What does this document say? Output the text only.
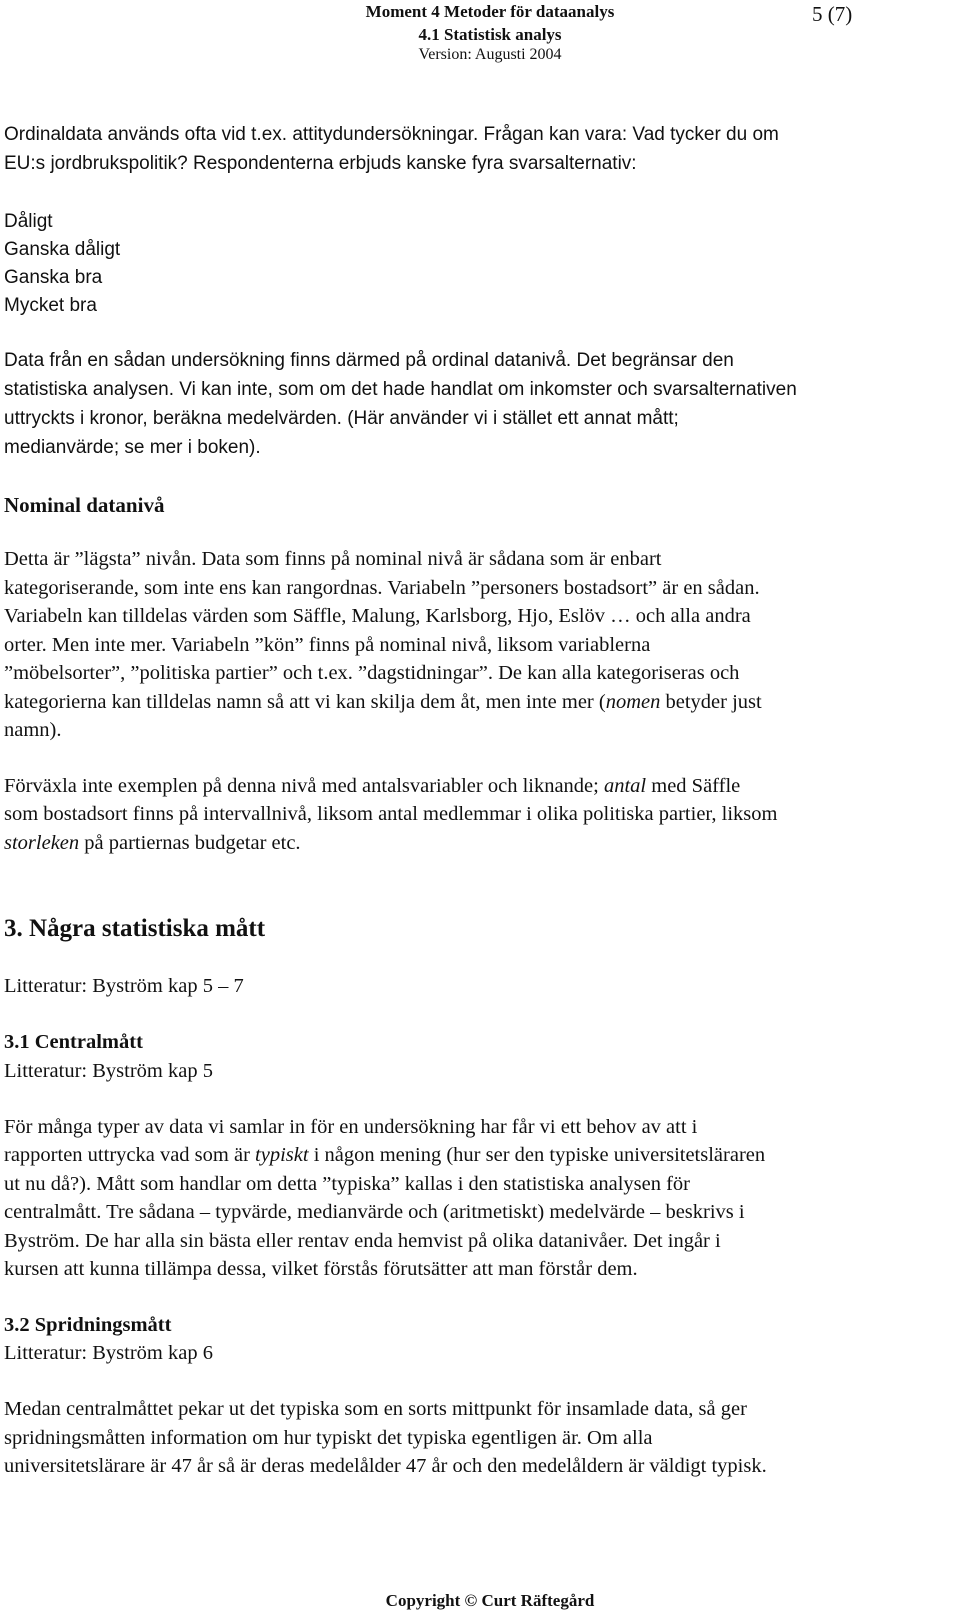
Moment 4 Metoder för dataanalys
4.1 Statistisk analys
Version: Augusti 2004
5 (7)
Ordinaldata används ofta vid t.ex. attitydundersökningar. Frågan kan vara: Vad tycker du om
EU:s jordbrukspolitik? Respondenterna erbjuds kanske fyra svarsalternativ:
Dåligt
Ganska dåligt
Ganska bra
Mycket bra
Data från en sådan undersökning finns därmed på ordinal datanivå. Det begränsar den
statistiska analysen. Vi kan inte, som om det hade handlat om inkomster och svarsalternativen
uttryckts i kronor, beräkna medelvärden. (Här använder vi i stället ett annat mått;
medianvärde; se mer i boken).
Nominal datanivå
Detta är ”lägsta” nivån. Data som finns på nominal nivå är sådana som är enbart
kategoriserande, som inte ens kan rangordnas. Variabeln ”personers bostadsort” är en sådan.
Variabeln kan tilldelas värden som Säffle, Malung, Karlsborg, Hjo, Eslöv … och alla andra
orter. Men inte mer. Variabeln ”kön” finns på nominal nivå, liksom variablerna
”möbelsorter”, ”politiska partier” och t.ex. ”dagstidningar”. De kan alla kategoriseras och
kategorierna kan tilldelas namn så att vi kan skilja dem åt, men inte mer (nomen betyder just
namn).
Förväxla inte exemplen på denna nivå med antalsvariabler och liknande; antal med Säffle
som bostadsort finns på intervallnivå, liksom antal medlemmar i olika politiska partier, liksom
storleken på partiernas budgetar etc.
3. Några statistiska mått
Litteratur: Byström kap 5 – 7
3.1 Centralmått
Litteratur: Byström kap 5
För många typer av data vi samlar in för en undersökning har får vi ett behov av att i
rapporten uttrycka vad som är typiskt i någon mening (hur ser den typiske universitetsläraren
ut nu då?). Mått som handlar om detta ”typiska” kallas i den statistiska analysen för
centralmått. Tre sådana – typvärde, medianvärde och (aritmetiskt) medelvärde – beskrivs i
Byström. De har alla sin bästa eller rentav enda hemvist på olika datanivåer. Det ingår i
kursen att kunna tillämpa dessa, vilket förstås förutsätter att man förstår dem.
3.2 Spridningsmått
Litteratur: Byström kap 6
Medan centralmåttet pekar ut det typiska som en sorts mittpunkt för insamlade data, så ger
spridningsmåtten information om hur typiskt det typiska egentligen är. Om alla
universitetslärare är 47 år så är deras medelålder 47 år och den medelåldern är väldigt typisk.
Copyright © Curt Räftegård
